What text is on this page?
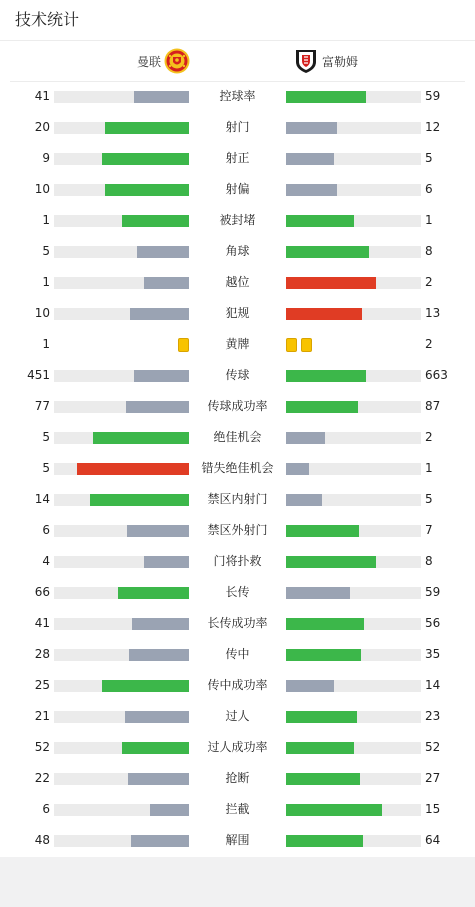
技术统计
曼联	富勒姆
41	控球率	59
20	射门	12
9	射正	5
10	射偏	6
1	被封堵	1
5	角球	8
1	越位	2
10	犯规	13
1	黄牌	2
451	传球	663
77	传球成功率	87
5	绝佳机会	2
5	错失绝佳机会	1
14	禁区内射门	5
6	禁区外射门	7
4	门将扑救	8
66	长传	59
41	长传成功率	56
28	传中	35
25	传中成功率	14
21	过人	23
52	过人成功率	52
22	抢断	27
6	拦截	15
48	解围	64
